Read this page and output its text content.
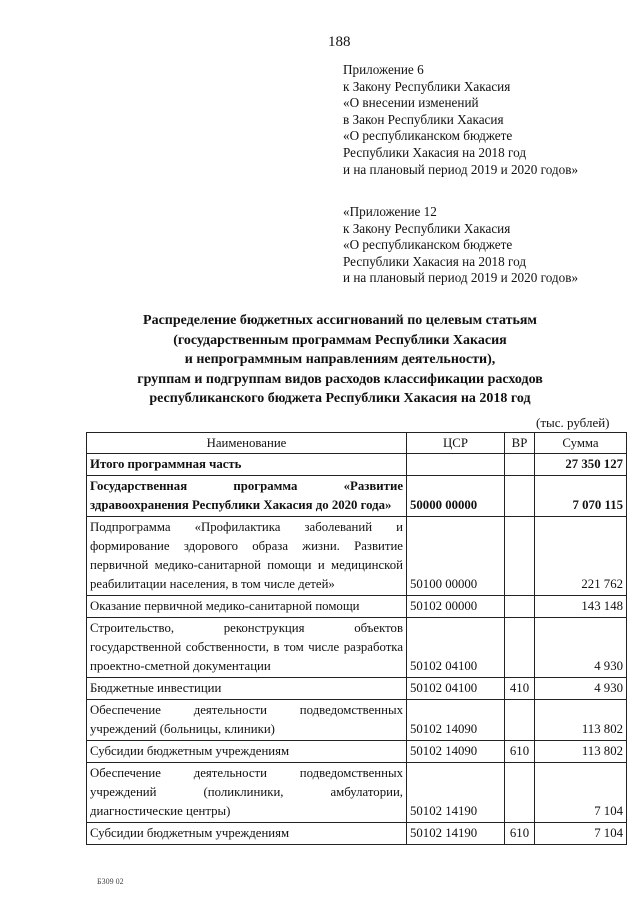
188
Приложение 6
к Закону Республики Хакасия
«О внесении изменений
в Закон Республики Хакасия
«О республиканском бюджете
Республики Хакасия на 2018 год
и на плановый период 2019 и 2020 годов»
«Приложение 12
к Закону Республики Хакасия
«О республиканском бюджете
Республики Хакасия на 2018 год
и на плановый период 2019 и 2020 годов»
Распределение бюджетных ассигнований по целевым статьям
(государственным программам Республики Хакасия
и непрограммным направлениям деятельности),
группам и подгруппам видов расходов классификации расходов
республиканского бюджета Республики Хакасия на 2018 год
(тыс. рублей)
Наименование	ЦСР	ВР	Сумма
Итого программная часть			27 350 127
Государственная программа «Развитие здравоохранения Республики Хакасия до 2020 года»	50000 00000		7 070 115
Подпрограмма «Профилактика заболеваний и формирование здорового образа жизни. Развитие первичной медико-санитарной помощи и медицинской реабилитации населения, в том числе детей»	50100 00000		221 762
Оказание первичной медико-санитарной помощи	50102 00000		143 148
Строительство, реконструкция объектов государственной собственности, в том числе разработка проектно-сметной документации	50102 04100		4 930
Бюджетные инвестиции	50102 04100	410	4 930
Обеспечение деятельности подведомственных учреждений (больницы, клиники)	50102 14090		113 802
Субсидии бюджетным учреждениям	50102 14090	610	113 802
Обеспечение деятельности подведомственных учреждений (поликлиники, амбулатории, диагностические центры)	50102 14190		7 104
Субсидии бюджетным учреждениям	50102 14190	610	7 104
Б309 02
